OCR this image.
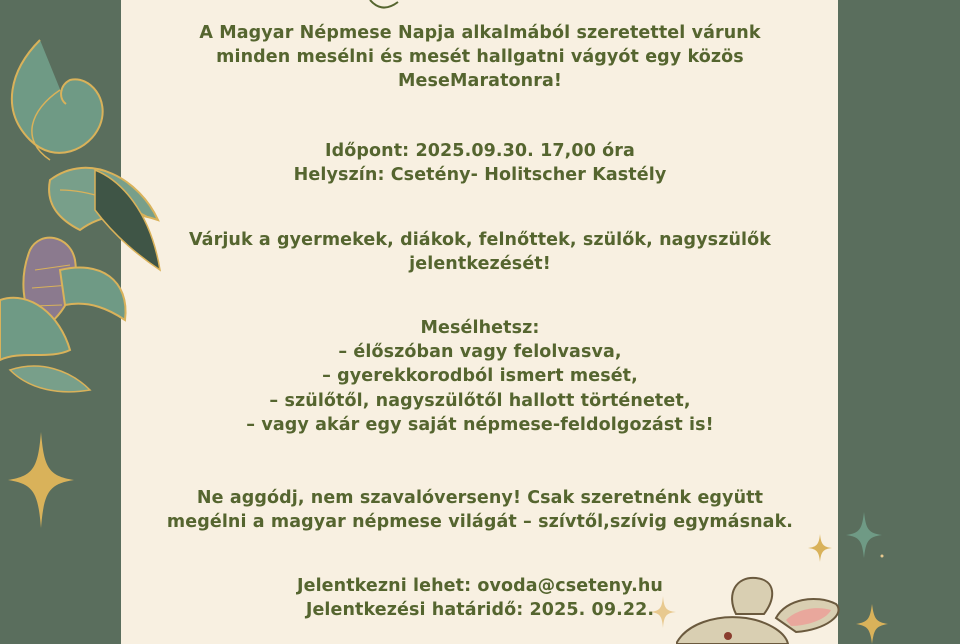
A Magyar Népmese Napja alkalmából szeretettel várunk
minden mesélni és mesét hallgatni vágyót egy közös
MeseMaratonra!
Időpont: 2025.09.30. 17,00 óra
Helyszín: Csetény- Holitscher Kastély
Várjuk a gyermekek, diákok, felnőttek, szülők, nagyszülők
jelentkezését!
Mesélhetsz:
– élőszóban vagy felolvasva,
– gyerekkorodból ismert mesét,
– szülőtől, nagyszülőtől hallott történetet,
– vagy akár egy saját népmese-feldolgozást is!
Ne aggódj, nem szavalóverseny! Csak szeretnénk együtt
megélni a magyar népmese világát – szívtől,szívig egymásnak.
Jelentkezni lehet: ovoda@cseteny.hu
Jelentkezési határidő: 2025. 09.22.
